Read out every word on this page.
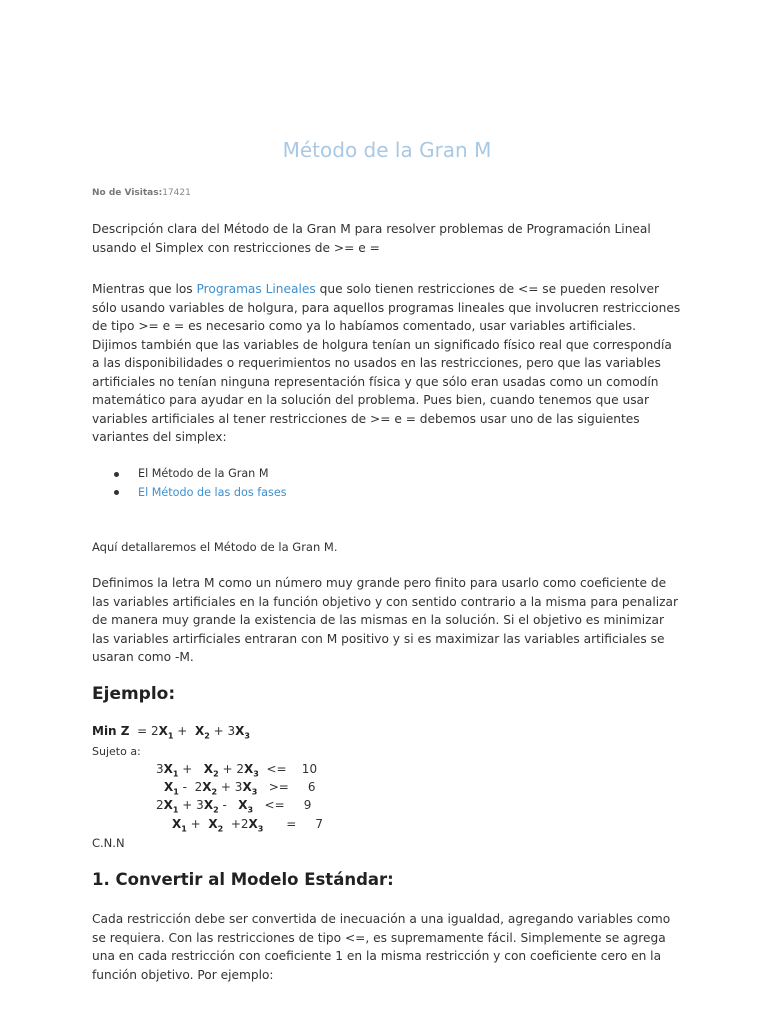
Método de la Gran M
No de Visitas:17421
Descripción clara del Método de la Gran M para resolver problemas de Programación Lineal usando el Simplex con restricciones de >= e =
Mientras que los Programas Lineales que solo tienen restricciones de <= se pueden resolver sólo usando variables de holgura, para aquellos programas lineales que involucren restricciones de tipo >= e = es necesario como ya lo habíamos comentado, usar variables artificiales. Dijimos también que las variables de holgura tenían un significado físico real que correspondía a las disponibilidades o requerimientos no usados en las restricciones, pero que las variables artificiales no tenían ninguna representación física y que sólo eran usadas como un comodín matemático para ayudar en la solución del problema. Pues bien, cuando tenemos que usar variables artificiales al tener restricciones de >= e = debemos usar uno de las siguientes variantes del simplex:
El Método de la Gran M
El Método de las dos fases
Aquí detallaremos el Método de la Gran M.
Definimos la letra M como un número muy grande pero finito para usarlo como coeficiente de las variables artificiales en la función objetivo y con sentido contrario a la misma para penalizar de manera muy grande la existencia de las mismas en la solución. Si el objetivo es minimizar las variables artirficiales entraran con M positivo y si es maximizar las variables artificiales se usaran como -M.
Ejemplo:
Min $Z = 2X_1 + X_2 + 3X_3$
Sujeto a:
$3X_1 + X_2 + 2X_3$  <=    10
$X_1 - 2X_2 + 3X_3$   >=     6
$2X_1 + 3X_2 - X_3$   <=     9
$X_1 + X_2 +2X_3$      =     7
C.N.N
1. Convertir al Modelo Estándar:
Cada restricción debe ser convertida de inecuación a una igualdad, agregando variables como se requiera. Con las restricciones de tipo <=, es supremamente fácil. Simplemente se agrega una en cada restricción con coeficiente 1 en la misma restricción y con coeficiente cero en la función objetivo. Por ejemplo:
